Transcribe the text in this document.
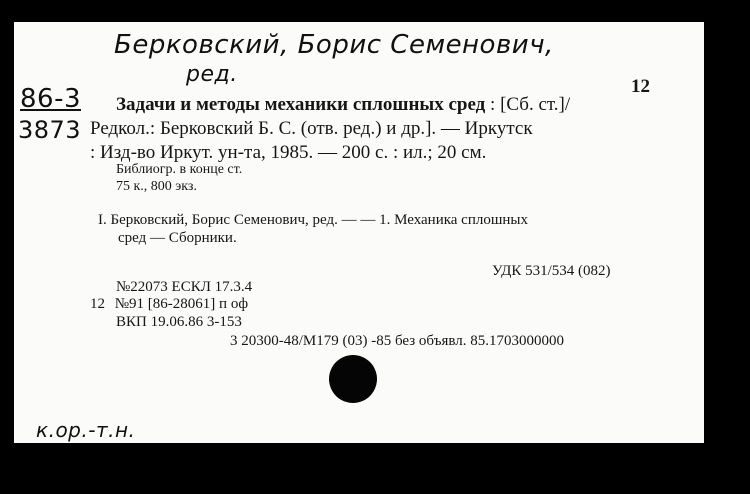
Берковский, Борис Семенович,
ред.	12
86-3
3873
Задачи и методы механики сплошных сред : [Сб. ст.]/
Редкол.: Берковский Б. С. (отв. ред.) и др.]. — Иркутск
: Изд-во Иркут. ун-та, 1985. — 200 с. : ил.; 20 см.
Библиогр. в конце ст.
75 к., 800 экз.
I. Берковский, Борис Семенович, ред. — — 1. Механика сплошных
сред — Сборники.
УДК 531/534 (082)
№22073 ЕСКЛ 17.3.4
12 №91 [86-28061] п оф
ВКП 19.06.86 3-153
3 20300-48/М179 (03) -85 без объявл. 85.1703000000
к.ор.-т.н.
